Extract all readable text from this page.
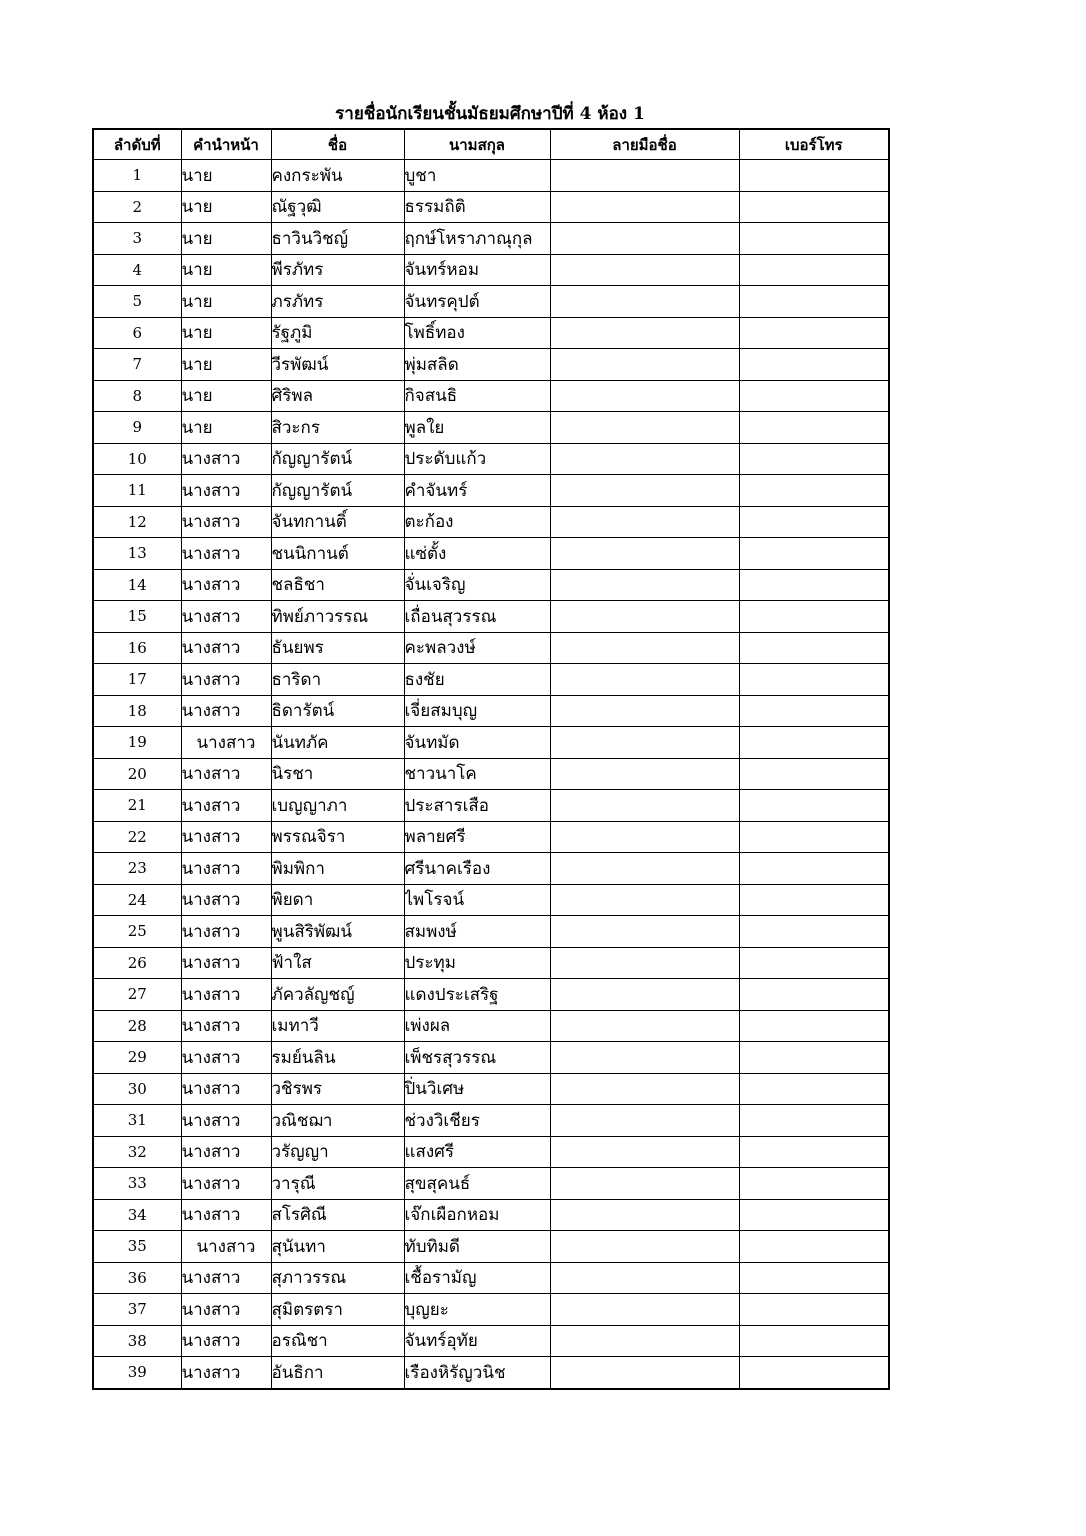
รายชื่อนักเรียนชั้นมัธยมศึกษาปีที่ 4 ห้อง 1
ลำดับที่	คำนำหน้า	ชื่อ	นามสกุล	ลายมือชื่อ	เบอร์โทร
1	นาย	คงกระพัน	บูชา		
2	นาย	ณัฐวุฒิ	ธรรมถิติ		
3	นาย	ธาวินวิชญ์	ฤกษ์โหราภาณุกุล		
4	นาย	พีรภัทร	จันทร์หอม		
5	นาย	ภรภัทร	จันทรคุปต์		
6	นาย	รัฐภูมิ	โพธิ์ทอง		
7	นาย	วีรพัฒน์	พุ่มสลิด		
8	นาย	ศิริพล	กิจสนธิ		
9	นาย	สิวะกร	พูลใย		
10	นางสาว	กัญญารัตน์	ประดับแก้ว		
11	นางสาว	กัญญารัตน์	คำจันทร์		
12	นางสาว	จันทกานติ์	ตะก้อง		
13	นางสาว	ชนนิกานต์	แซ่ตั้ง		
14	นางสาว	ชลธิชา	จั่นเจริญ		
15	นางสาว	ทิพย์ภาวรรณ	เถื่อนสุวรรณ		
16	นางสาว	ธันยพร	คะพลวงษ์		
17	นางสาว	ธาริดา	ธงชัย		
18	นางสาว	ธิดารัตน์	เจี่ยสมบุญ		
19	นางสาว	นันทภัค	จันทมัด		
20	นางสาว	นิรชา	ชาวนาโค		
21	นางสาว	เบญญาภา	ประสารเสือ		
22	นางสาว	พรรณจิรา	พลายศรี		
23	นางสาว	พิมพิกา	ศรีนาคเรือง		
24	นางสาว	พิยดา	ไพโรจน์		
25	นางสาว	พูนสิริพัฒน์	สมพงษ์		
26	นางสาว	ฟ้าใส	ประทุม		
27	นางสาว	ภัควลัญชญ์	แดงประเสริฐ		
28	นางสาว	เมทาวี	เพ่งผล		
29	นางสาว	รมย์นลิน	เพ็ชรสุวรรณ		
30	นางสาว	วชิรพร	ปิ่นวิเศษ		
31	นางสาว	วณิชฌา	ช่วงวิเชียร		
32	นางสาว	วรัญญา	แสงศรี		
33	นางสาว	วารุณี	สุขสุคนธ์		
34	นางสาว	สโรศิณี	เจ๊กเผือกหอม		
35	นางสาว	สุนันทา	ทับทิมดี		
36	นางสาว	สุภาวรรณ	เชื้อรามัญ		
37	นางสาว	สุมิตรตรา	บุญยะ		
38	นางสาว	อรณิชา	จันทร์อุทัย		
39	นางสาว	อันธิกา	เรืองหิรัญวนิช		
